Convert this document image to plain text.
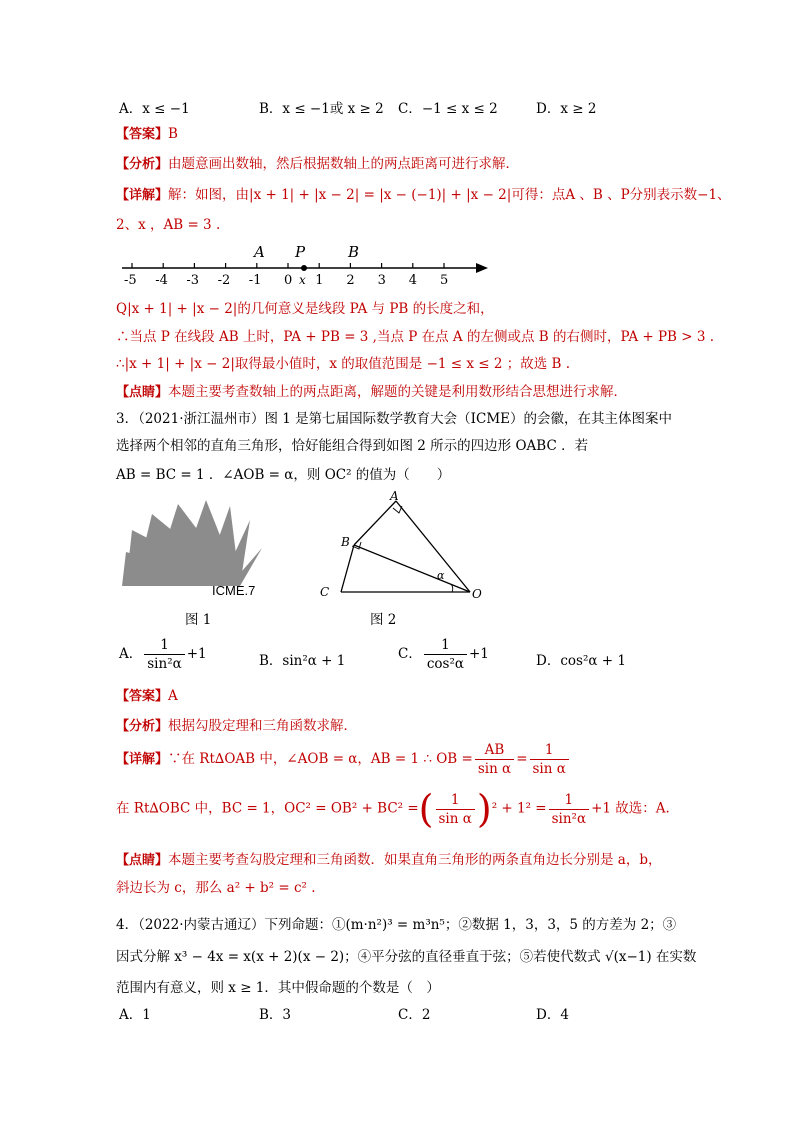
A．x ≤ −1	B．x ≤ −1或 x ≥ 2 C．−1 ≤ x ≤ 2	D．x ≥ 2
【答案】B
【分析】由题意画出数轴，然后根据数轴上的两点距离可进行求解．
【详解】解：如图，由|x + 1| + |x − 2| = |x − (−1)| + |x − 2|可得：点A 、B 、P分别表示数−1、
2、x ，AB = 3 .
-5 -4 -3 -2 -1 0 1 2 3 4 5
A P	B
x
Q|x + 1| + |x − 2|的几何意义是线段 PA 与 PB 的长度之和，
∴当点 P 在线段 AB 上时，PA + PB = 3 ,当点 P 在点 A 的左侧或点 B 的右侧时，PA + PB > 3 .
∴|x + 1| + |x − 2|取得最小值时，x 的取值范围是 −1 ≤ x ≤ 2 ；故选 B .
【点睛】本题主要考查数轴上的两点距离，解题的关键是利用数形结合思想进行求解．
3．（2021·浙江温州市）图 1 是第七届国际数学教育大会（ICME）的会徽，在其主体图案中
选择两个相邻的直角三角形，恰好能组合得到如图 2 所示的四边形 OABC ．若
AB = BC = 1 ．∠AOB = α，则 OC² 的值为（　　）
ICME.7
图 1
A
B
C	O
α
图 2
A． $\frac{1}{\text{sin²α}} +1$	B．sin²α + 1	C． $\frac{1}{\text{cos²α}} +1$	D．cos²α + 1
【答案】A
【分析】根据勾股定理和三角函数求解．
【详解】∵在 Rt∆OAB 中，∠AOB = α，AB = 1 ∴ OB = $\frac{AB}{\text{sin α}} = \frac{1}{\text{sin α}}$
在 Rt∆OBC 中，BC = 1，OC² = OB² + BC² =( $\frac{1}{\text{sin α}} )^2 + 1^2 = \frac{1}{\text{sin²α}} +1$ 故选：A.
【点睛】本题主要考查勾股定理和三角函数．如果直角三角形的两条直角边长分别是 a，b，
斜边长为 c，那么 a² + b² = c² .
4．（2022·内蒙古通辽）下列命题：①(m·n²)³ = m³n⁵；②数据 1，3，3，5 的方差为 2；③
因式分解 x³ − 4x = x(x + 2)(x − 2)；④平分弦的直径垂直于弦；⑤若使代数式 √(x−1) 在实数
范围内有意义，则 x ≥ 1．其中假命题的个数是（　）
A．1	B．3	C．2	D．4
